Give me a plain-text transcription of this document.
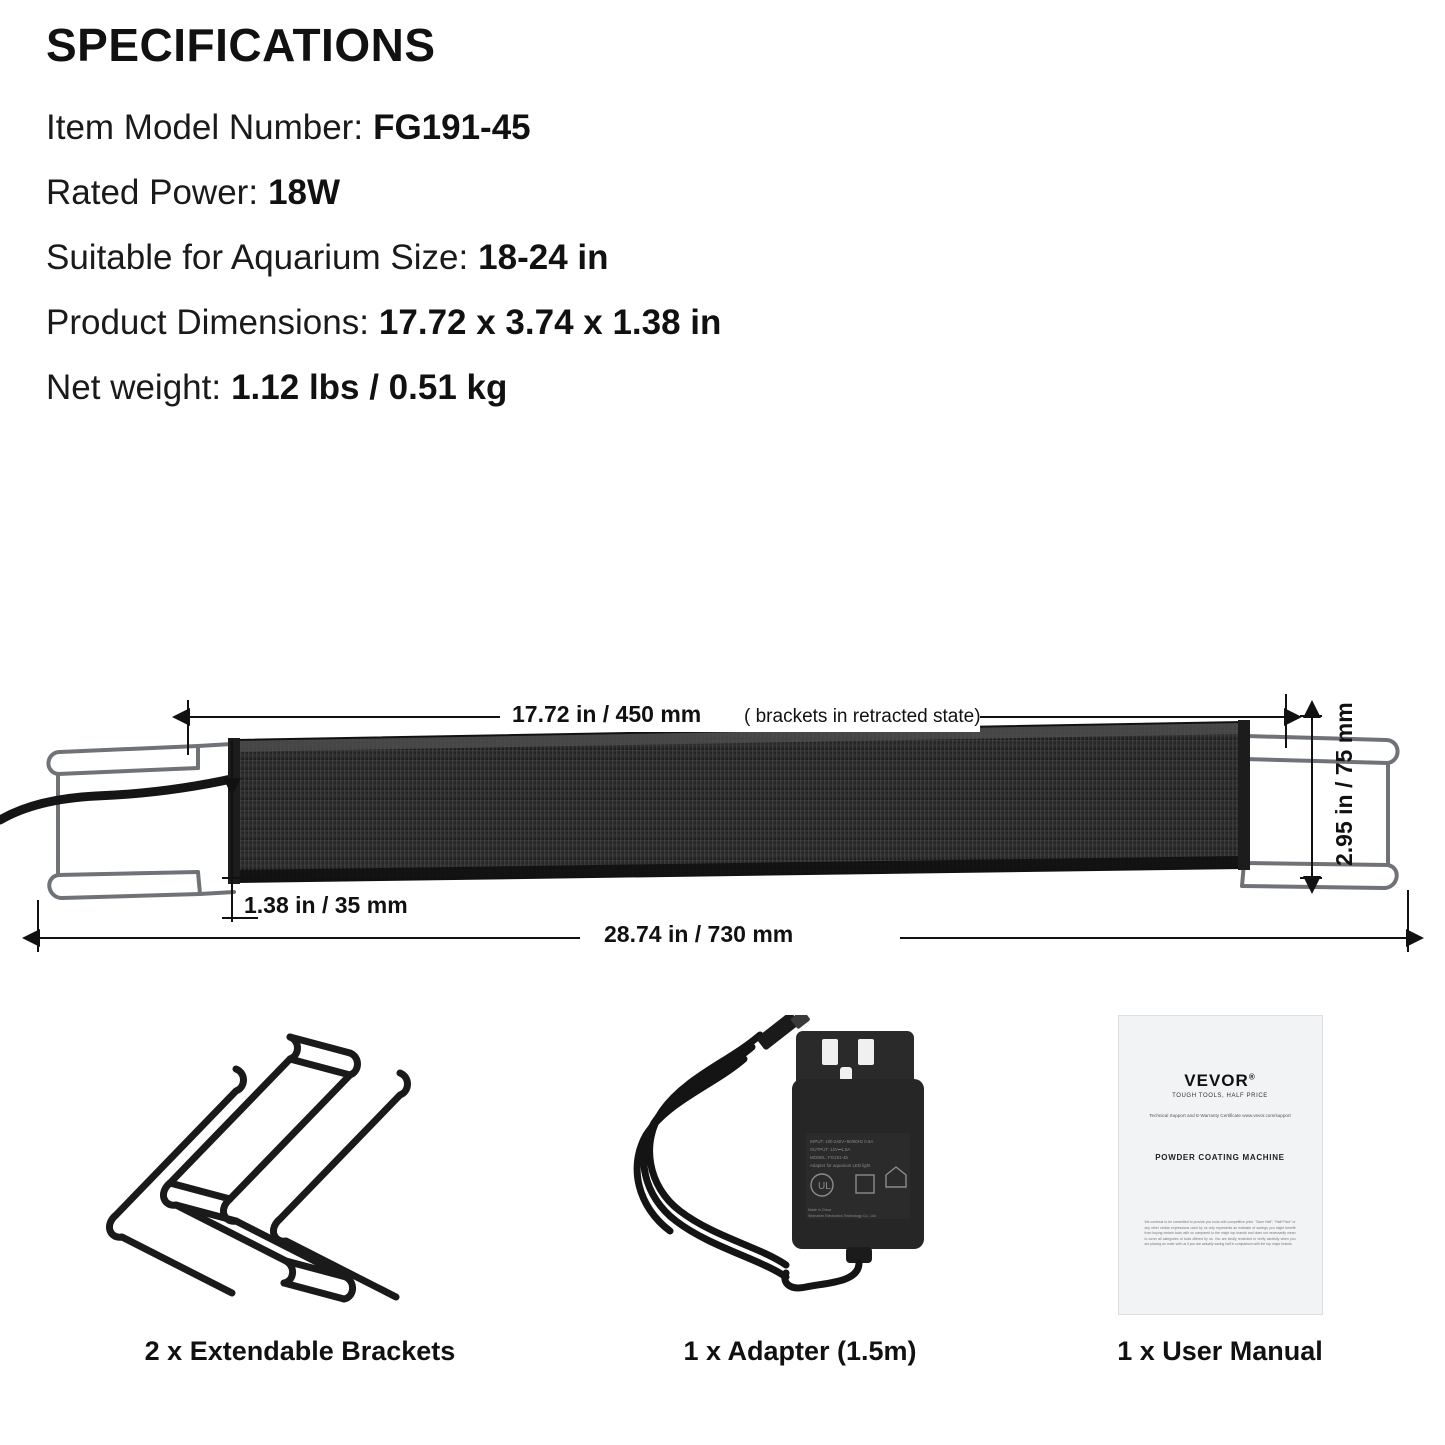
SPECIFICATIONS
Item Model Number: FG191-45
Rated Power: 18W
Suitable for Aquarium Size: 18-24 in
Product Dimensions: 17.72 x 3.74 x 1.38 in
Net weight: 1.12 lbs / 0.51 kg
17.72 in / 450 mm ( brackets in retracted state)
1.38 in / 35 mm
28.74 in / 730 mm
2.95 in / 75 mm
2 x Extendable Brackets
INPUT: 100-240V~50/60Hz 0.5A
OUTPUT: 12V⎓1.5A
MODEL: FG191-45
Adapter for aquarium LED light
UL
Made in China
Shenzhen Electronics Technology Co., Ltd.
1 x Adapter (1.5m)
VEVOR®
TOUGH TOOLS, HALF PRICE
Technical Support and E-Warranty Certificate www.vevor.com/support
POWDER COATING MACHINE
We continue to be committed to provide you tools with competitive price. "Save Half", "Half Price" or any other similar expressions used by us only represents an estimate of savings you might benefit from buying certain tools with us compared to the major top brands and does not necessarily mean to cover all categories of tools offered by us. You are kindly reminded to verify carefully when you are placing an order with us if you are actually saving half in comparison with the top major brands.
1 x User Manual
